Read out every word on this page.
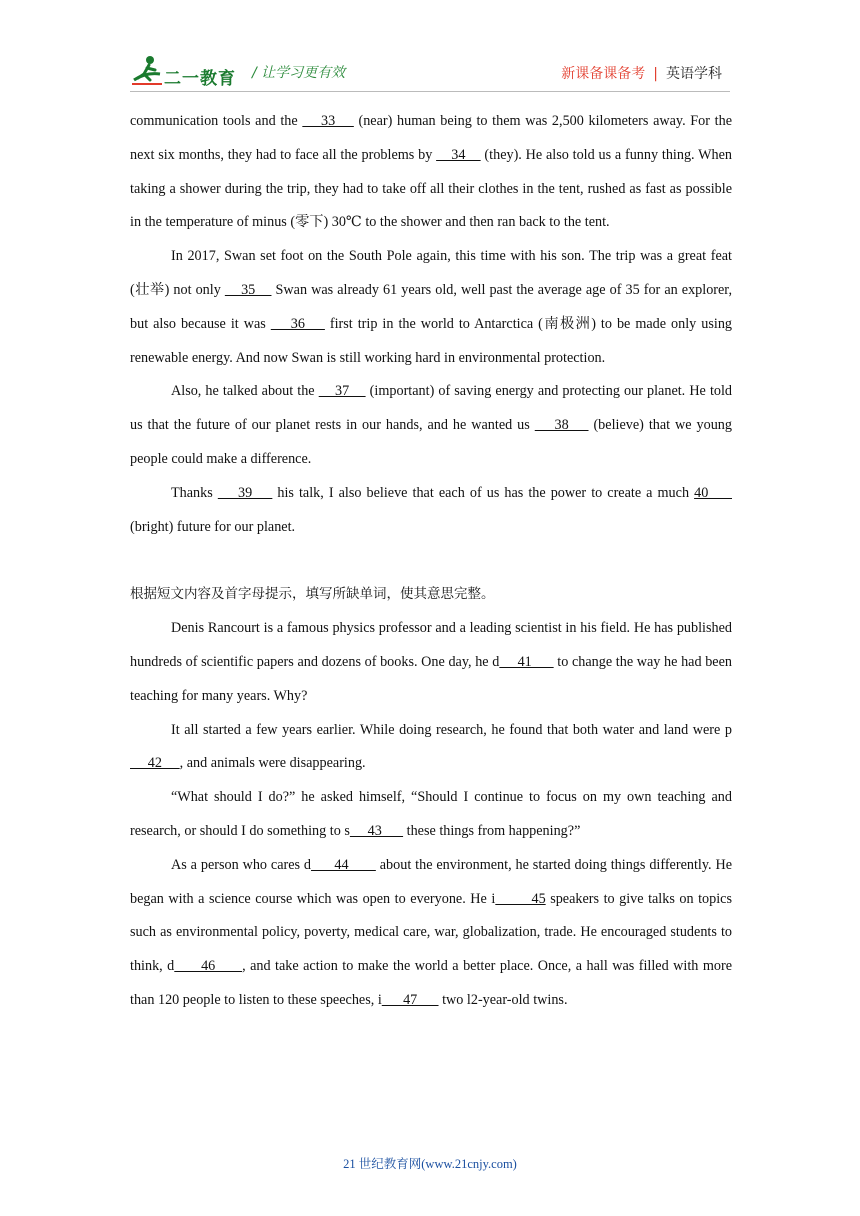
二一教育 / 让学习更有效	新课备课备考 | 英语学科

communication tools and the     33     (near) human being to them was 2,500 kilometers away. For the next six months, they had to face all the problems by     34     (they). He also told us a funny thing. When taking a shower during the trip, they had to take off all their clothes in the tent, rushed as fast as possible in the temperature of minus (零下) 30℃ to the shower and then ran back to the tent.

In 2017, Swan set foot on the South Pole again, this time with his son. The trip was a great feat (壮举) not only     35     Swan was already 61 years old, well past the average age of 35 for an explorer, but also because it was     36     first trip in the world to Antarctica (南极洲) to be made only using renewable energy. And now Swan is still working hard in environmental protection.

Also, he talked about the     37     (important) of saving energy and protecting our planet. He told us that the future of our planet rests in our hands, and he wanted us     38     (believe) that we young people could make a difference.

Thanks     39     his talk, I also believe that each of us has the power to create a much 40      (bright) future for our planet.

根据短文内容及首字母提示，填写所缺单词，使其意思完整。

Denis Rancourt is a famous physics professor and a leading scientist in his field. He has published hundreds of scientific papers and dozens of books. One day, he d     41       to change the way he had been teaching for many years. Why?

It all started a few years earlier. While doing research, he found that both water and land were p     42     , and animals were disappearing.

“What should I do?” he asked himself, “Should I continue to focus on my own teaching and research, or should I do something to s     43       these things from happening?”

As a person who cares d      44        about the environment, he started doing things differently. He began with a science course which was open to everyone. He i        45 speakers to give talks on topics such as environmental policy, poverty, medical care, war, globalization, trade. He encouraged students to think, d      46      , and take action to make the world a better place. Once, a hall was filled with more than 120 people to listen to these speeches, i      47       two l2-year-old twins.

21 世纪教育网(www.21cnjy.com)
